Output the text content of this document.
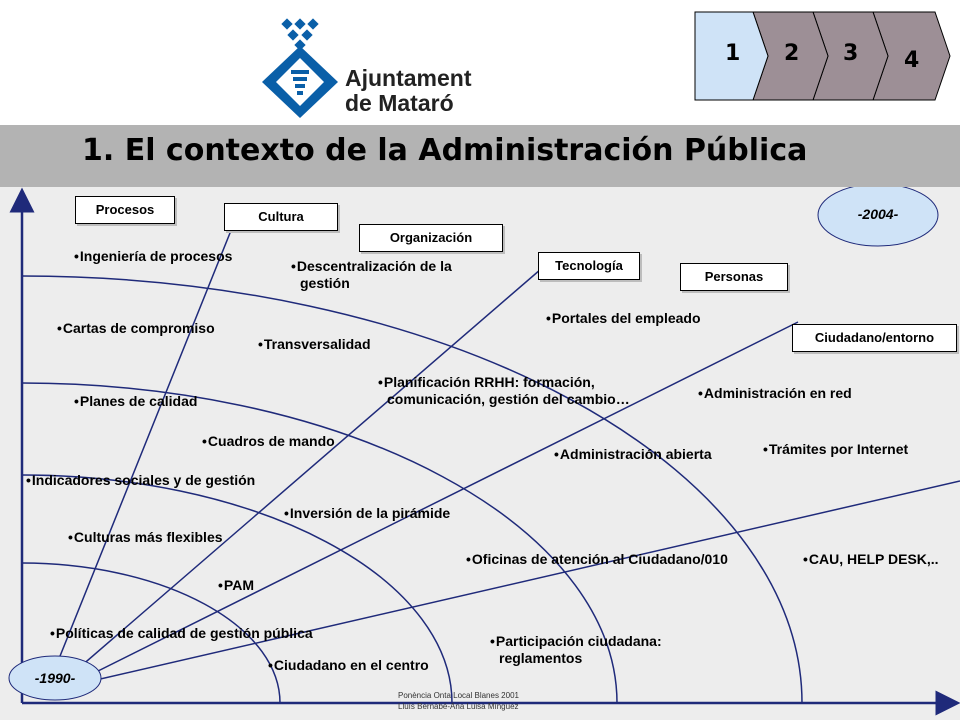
Ajuntament
de Mataró
1 2 3 4
1. El contexto de la Administración Pública
-1990-
-2004-
Procesos	Cultura
Organización
Tecnología
Personas
Ciudadano/entorno
•Ingeniería de procesos
•Descentralización de la
gestión
•Cartas de compromiso
•Transversalidad
•Portales del empleado
•Planificación RRHH: formación,
comunicación, gestión del cambio…	•Administración en red
•Planes de calidad
•Cuadros de mando
•Administración abierta	•Trámites por Internet
•Indicadores sociales y de gestión
•Inversión de la pirámide
•Culturas más flexibles
•Oficinas de atención al Ciudadano/010	•CAU, HELP DESK,..
•PAM
•Políticas de calidad de gestión pública	•Participación ciudadana:
reglamentos
•Ciudadano en el centro
Ponència Onta Local Blanes 2001
Lluís Bernabé-Ana Luisa Mínguez
